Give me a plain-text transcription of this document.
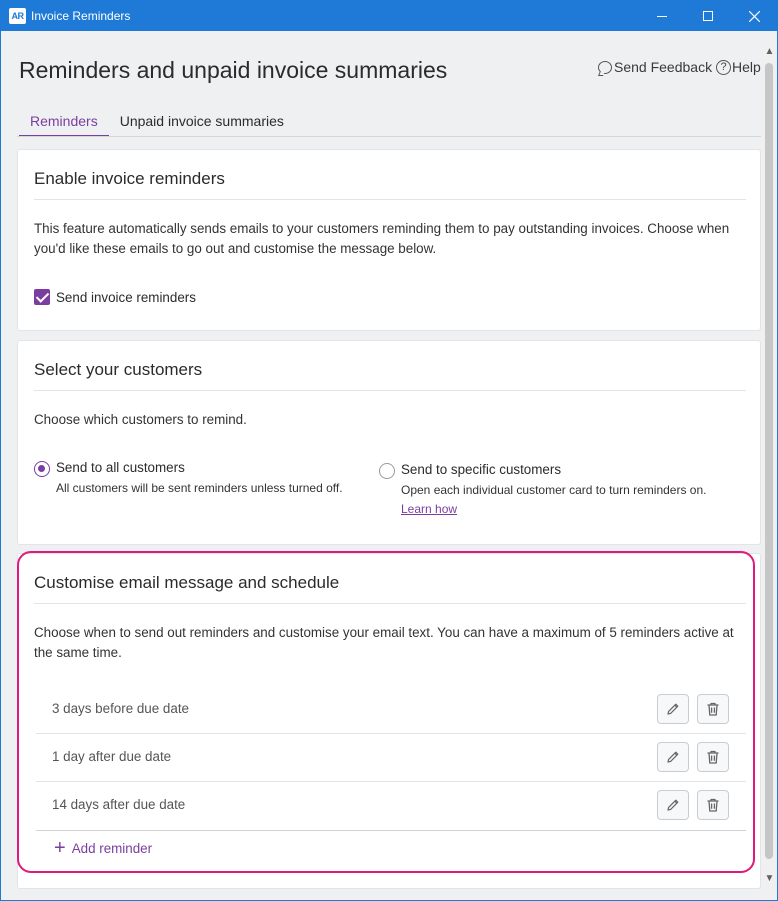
AR Invoice Reminders
Reminders and unpaid invoice summaries	Send Feedback ? Help
Reminders	Unpaid invoice summaries
Enable invoice reminders
This feature automatically sends emails to your customers reminding them to pay outstanding invoices. Choose when you'd like these emails to go out and customise the message below.
Send invoice reminders
Select your customers
Choose which customers to remind.
Send to all customers
All customers will be sent reminders unless turned off.
Send to specific customers
Open each individual customer card to turn reminders on.
Learn how
Customise email message and schedule
Choose when to send out reminders and customise your email text. You can have a maximum of 5 reminders active at the same time.
3 days before due date
1 day after due date
14 days after due date
+ Add reminder
▲
▼
